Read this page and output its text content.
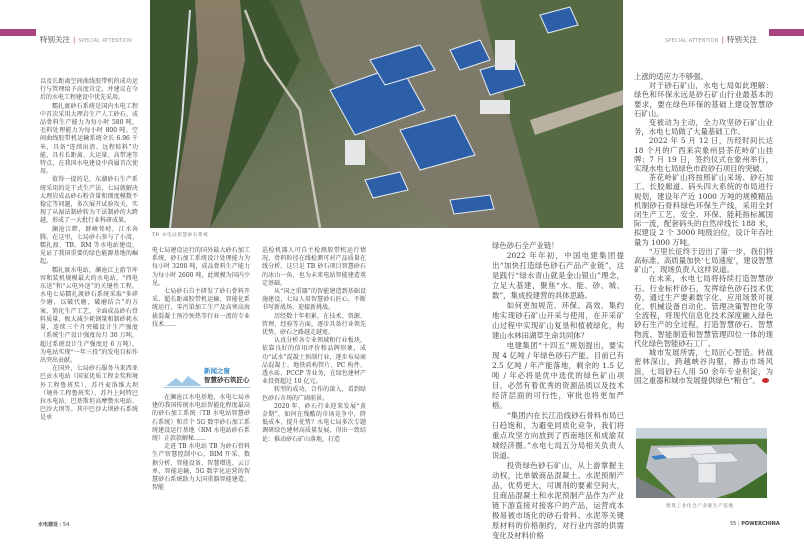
特别关注 | SPECIAL ATTENTION	SPECIAL ATTENTION | 特别关注
TB 水电站智慧砂石系统

以及长距离空间曲线胶带机的成功运行与管理给予高度肯定，并建议在今后的水电工程建设中优先采用。

糯扎渡砂石系统是国内水电工程中首次采用大理岩生产人工砂石。成品骨料生产能力为每小时 580 吨，毛料处理能力为每小时 800 吨。空间曲线胶带机运输系统全长 6.96 千米，具备“连续出渣、远程转料”功能，具有长距离、大运量、高带速等特点，在我国水电建设中尚属首次使用。

值得一提的是，东湖砂石生产系统采用的是干式生产法，七局就解决大理岩成品砂石粉含量和细度模数不稳定等问题，多次展开试验攻关，实现了从湿法制砂转为干法制砂的大跨越，形成了一大批行业科研成果。

澜沧江畔，群峰耸峙，江水奔腾。在这里，七局砂石参与了小湾、糯扎渡、TB、RM 等水电站建设，见证了我国重要的绿色能源基地的崛起。

糯扎渡水电站，澜沧江上游节库容和装机规模最大的水电站，“西电东送”和“云电外送”的关键性工程。水电七局糯扎渡砂石系统采取“多碎少磨，以破代磨，破磨结合”的方案，简化生产工艺，全面成品砂石骨料质量，极大减少耗钢量和制砂耗水量，连续三个月突破设计生产强度（系统生产设计强度每月 30 万吨，超过系统设计生产强度近 6 万吨），为电站实现“一年三投”的发电目标作出突出贡献。

在国外，七局砂石服务马来西亚巴贡水电站（国家优质工程金奖和境外工程鲁班奖）、苏丹麦洛维大坝（境外工程鲁班奖）、苏丹上阿特巴拉水电站、巴基斯坦高摩赞水电站、巴沙大坝等。其中巴沙大坝砂石系统是承

电七局建设运行的国外最大砂石加工系统，砂石加工系统设计处理能力为每小时 3200 吨，成品骨料生产能力为每小时 2600 吨，此规模为国内少见。

七局砂石自主研发了砂石骨料开采、超长距离胶带机运输、智能化系统运行、零污染加工生产及高寒高海拔混凝土预冷预热等行业一流的专业技术……

新闻之窗
智慧砂石筑匠心

在澜沧江水电基地，水电七局承建的我国传统水电站智能化程度最高的砂石加工系统（TB 水电站智慧砂石系统）和首个 5G 数字砂石加工系统建设运行基地（RM 水电站砂石系统）正款款解秘……

走进 TB 水电站 TB 为砂石骨料生产智慧控制中心，BIM 开采、数据分析、智能设备、智慧增选、云订单、智能运输，5G 数字化运营的智慧砂石系统助力大国重器智能建造。智能

巡检机器人可自主检测胶带机运行情况，骨料粒径在线检测可对产品质量在线分析。这只是 TB 砂石项目智慧砂石的冰山一角，也为未来电站智能建造奠定基础。

从“国之重器”的智能建造到基础设施建设，七局人用智慧砂石匠心，不断书写新战场、迎接新挑战。

历经数十年积累，在技术、资源、管理、经验等方面，逐步具备行业领先优势，砂石之路越走越宽。

认真分析各专业领域和行业板块，依靠良好的信用评价和品牌形象，成功“试水”混凝土预制行业，逐步布局商品混凝土、地铁盾构管片、PC 构件、透水砖、PCCP 等业务，在绿色建材产业投资超过 10 亿元。

转型的成功，合作的深入，看到绿色砂石市场的广阔前景。

2020 年，砂石行业迎来发展“黄金期”，如何在残酷的市场竞争中，降低成本，提升优势？水电七局多次专题调研绿色建材高质量发展，得出一致结论：推动砂石矿山落地，打造

绿色砂石全产业链！

2022 年年初，中国电建集团提出“加快打造绿色砂石产品产业链”，这是践行“绿水青山就是金山银山”理念，立足大基建，聚焦“水、能、砂、城、数”，集成投建营的具体思路。

如何更加规范、环保、高效、集约地实现砂石矿山开采与使用，在开采矿山过程中实现矿山复垦和植被绿化，构建山水林田湖草生命共同体？

电建集团“十四五”规划提出，要实现 4 亿吨 / 年绿色砂石产能。目前已有 2.5 亿吨 / 年产能落地，剩余的 1.5 亿吨 / 年必将是优中选优的绿色矿山项目，必然有着优秀的资源品质以及技术经济层面的可行性，审批也将更加严格。

“集团内在长江沿线砂石骨料布局已日趋饱和，为避免同质化竞争，我们将重点攻坚方向放到了西南地区和成渝双城经济圈。”水电七局五分局相关负责人说道。

投资绿色砂石矿山，从上游掌握主动权，比单做商品混凝土、水泥预制产品，优势更大，可调剂的要素空间大，且商品混凝土和水泥预制产品作为产业链下游直接对接客户的产品，运营成本极易被市场化的砂石骨料、水泥等关键原材料的价格制约，对行业内部的供需变化及材料价格

上涨的适应力不够强。

对于砂石矿山，水电七局如此理解：绿色和环保永远是砂石矿山行业最基本的要求，要在绿色环保的基础上建设智慧砂石矿山。

变被动为主动，全力攻坚砂石矿山业务，水电七局做了大量基础工作。

2022 年 5 月 12 日，历经时间长达 18 个月的广西来宾象州县茶花岭矿山挂牌；7 月 19 日，签约仪式在象州举行，实现水电七局绿色市政砂石项目的突破。

茶花岭矿山将按照矿山采场、砂石加工、长胶廊道、码头四大系统的布局进行规划，建设年产近 1000 万吨的规模精品机制砂石骨料绿色环保生产线，采用全封闭生产工艺，安全、环保、能耗指标属国际一流，配套码头的自然岸线长 188 米，拟建设 2 个 3000 吨级泊位，设计年吞吐量为 1000 万吨。

“万里长征终于迈出了第一步，我们将高标准、高质量加快‘七局速度’，建设智慧矿山”，现场负责人这样说道。

在未来，水电七局将持续打造智慧砂石、行业标杆砂石，发挥绿色砂石技术优势，通过生产要素数字化、应用场景可视化、机械设备自动化、管理决策智控化等全流程，将现代信息化技术深度融入绿色砂石生产的全过程，打造智慧砂石、智慧物流、智能制造和智慧管理四位一体的现代化绿色智能砂石工厂。

城市发展所需，七局匠心智造。转战密林深山，跨越峡谷沟壑，搏击市场风浪，七局砂石人用 50 余年专业积淀，为国之重器和城市发展提供绿色“粮仓”。

建筑工业化全产业链生产基地
水电建设 | 54	55 | POWERCHINA
